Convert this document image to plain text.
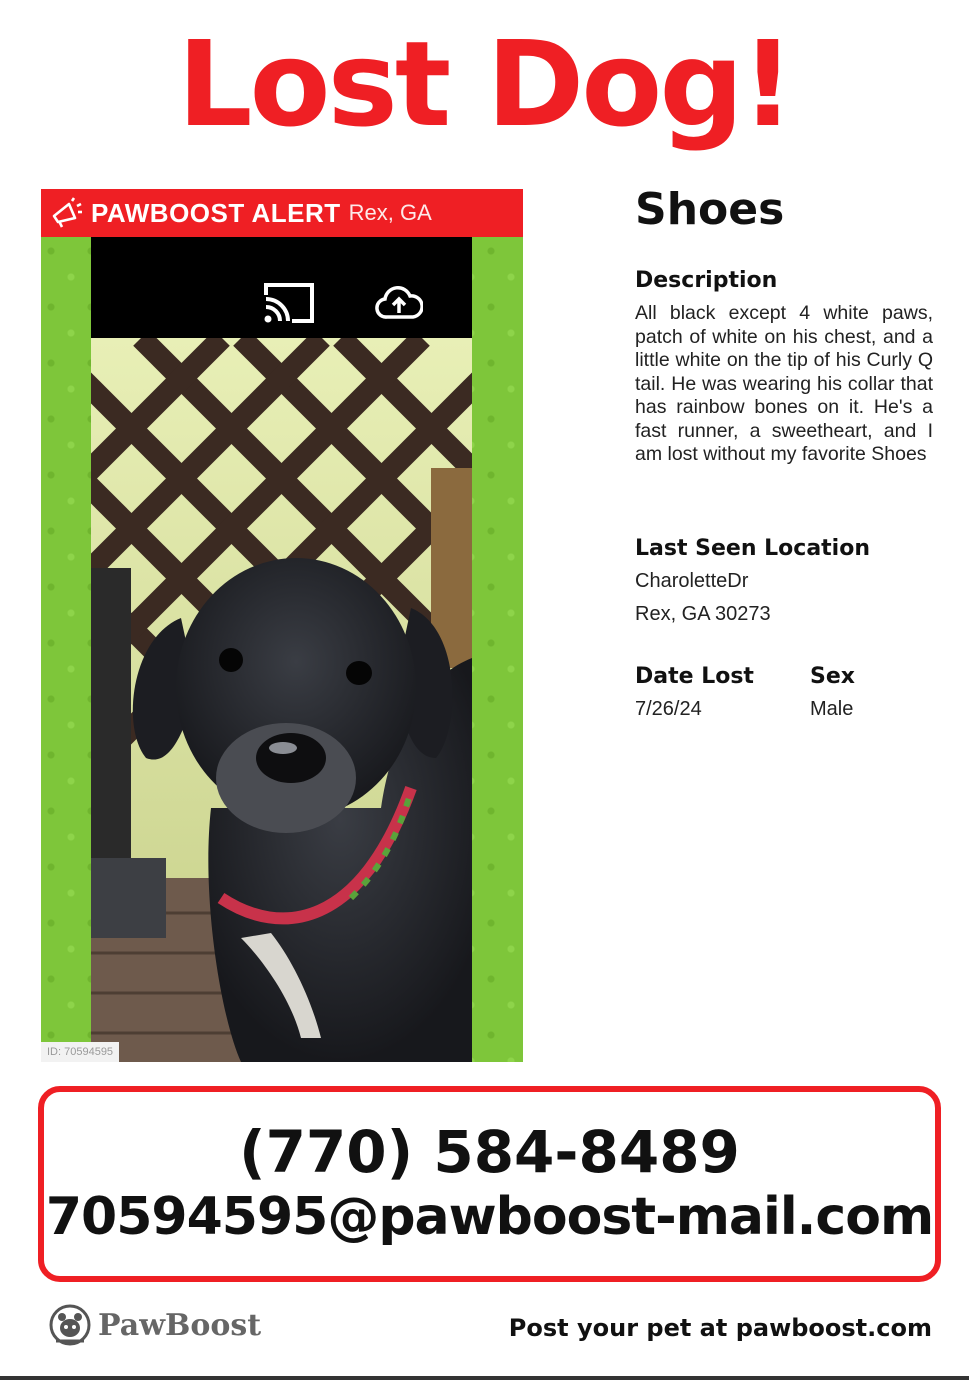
Lost Dog!
PAWBOOST ALERT Rex, GA
ID: 70594595
Shoes
Description
All black except 4 white paws, patch of white on his chest, and a little white on the tip of his Curly Q tail. He was wearing his collar that has rainbow bones on it. He's a fast runner, a sweetheart, and I am lost without my favorite Shoes
Last Seen Location
CharoletteDr
Rex, GA 30273
Date Lost
7/26/24
Sex
Male
(770) 584-8489
70594595@pawboost-mail.com
PawBoost	Post your pet at pawboost.com
